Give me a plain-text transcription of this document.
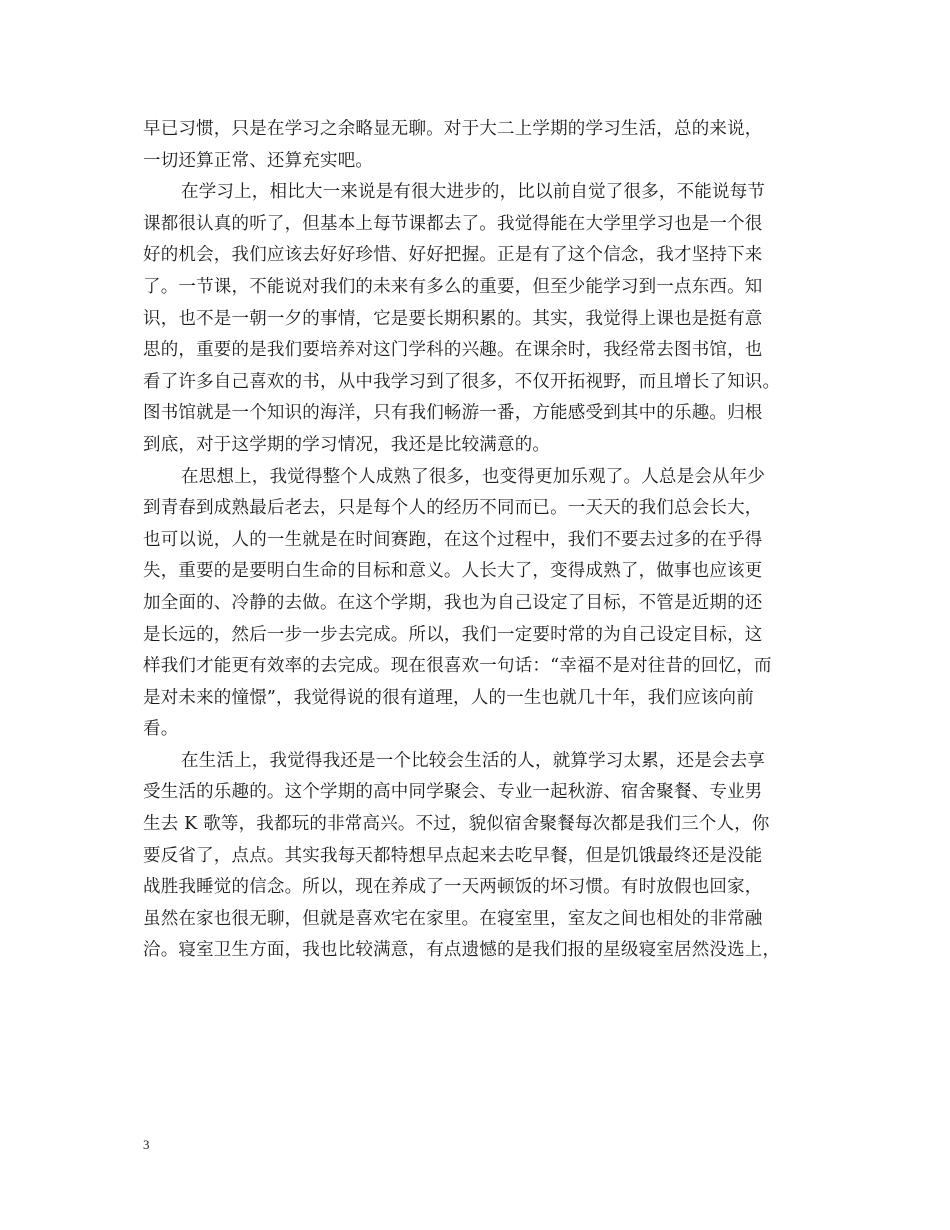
早已习惯，只是在学习之余略显无聊。对于大二上学期的学习生活，总的来说，
一切还算正常、还算充实吧。
在学习上，相比大一来说是有很大进步的，比以前自觉了很多，不能说每节
课都很认真的听了，但基本上每节课都去了。我觉得能在大学里学习也是一个很
好的机会，我们应该去好好珍惜、好好把握。正是有了这个信念，我才坚持下来
了。一节课，不能说对我们的未来有多么的重要，但至少能学习到一点东西。知
识，也不是一朝一夕的事情，它是要长期积累的。其实，我觉得上课也是挺有意
思的，重要的是我们要培养对这门学科的兴趣。在课余时，我经常去图书馆，也
看了许多自己喜欢的书，从中我学习到了很多，不仅开拓视野，而且增长了知识。
图书馆就是一个知识的海洋，只有我们畅游一番，方能感受到其中的乐趣。归根
到底，对于这学期的学习情况，我还是比较满意的。
在思想上，我觉得整个人成熟了很多，也变得更加乐观了。人总是会从年少
到青春到成熟最后老去，只是每个人的经历不同而已。一天天的我们总会长大，
也可以说，人的一生就是在时间赛跑，在这个过程中，我们不要去过多的在乎得
失，重要的是要明白生命的目标和意义。人长大了，变得成熟了，做事也应该更
加全面的、冷静的去做。在这个学期，我也为自己设定了目标，不管是近期的还
是长远的，然后一步一步去完成。所以，我们一定要时常的为自己设定目标，这
样我们才能更有效率的去完成。现在很喜欢一句话：“幸福不是对往昔的回忆，而
是对未来的憧憬”，我觉得说的很有道理，人的一生也就几十年，我们应该向前
看。
在生活上，我觉得我还是一个比较会生活的人，就算学习太累，还是会去享
受生活的乐趣的。这个学期的高中同学聚会、专业一起秋游、宿舍聚餐、专业男
生去 K 歌等，我都玩的非常高兴。不过，貌似宿舍聚餐每次都是我们三个人，你
要反省了，点点。其实我每天都特想早点起来去吃早餐，但是饥饿最终还是没能
战胜我睡觉的信念。所以，现在养成了一天两顿饭的坏习惯。有时放假也回家，
虽然在家也很无聊，但就是喜欢宅在家里。在寝室里，室友之间也相处的非常融
洽。寝室卫生方面，我也比较满意，有点遗憾的是我们报的星级寝室居然没选上，
3
